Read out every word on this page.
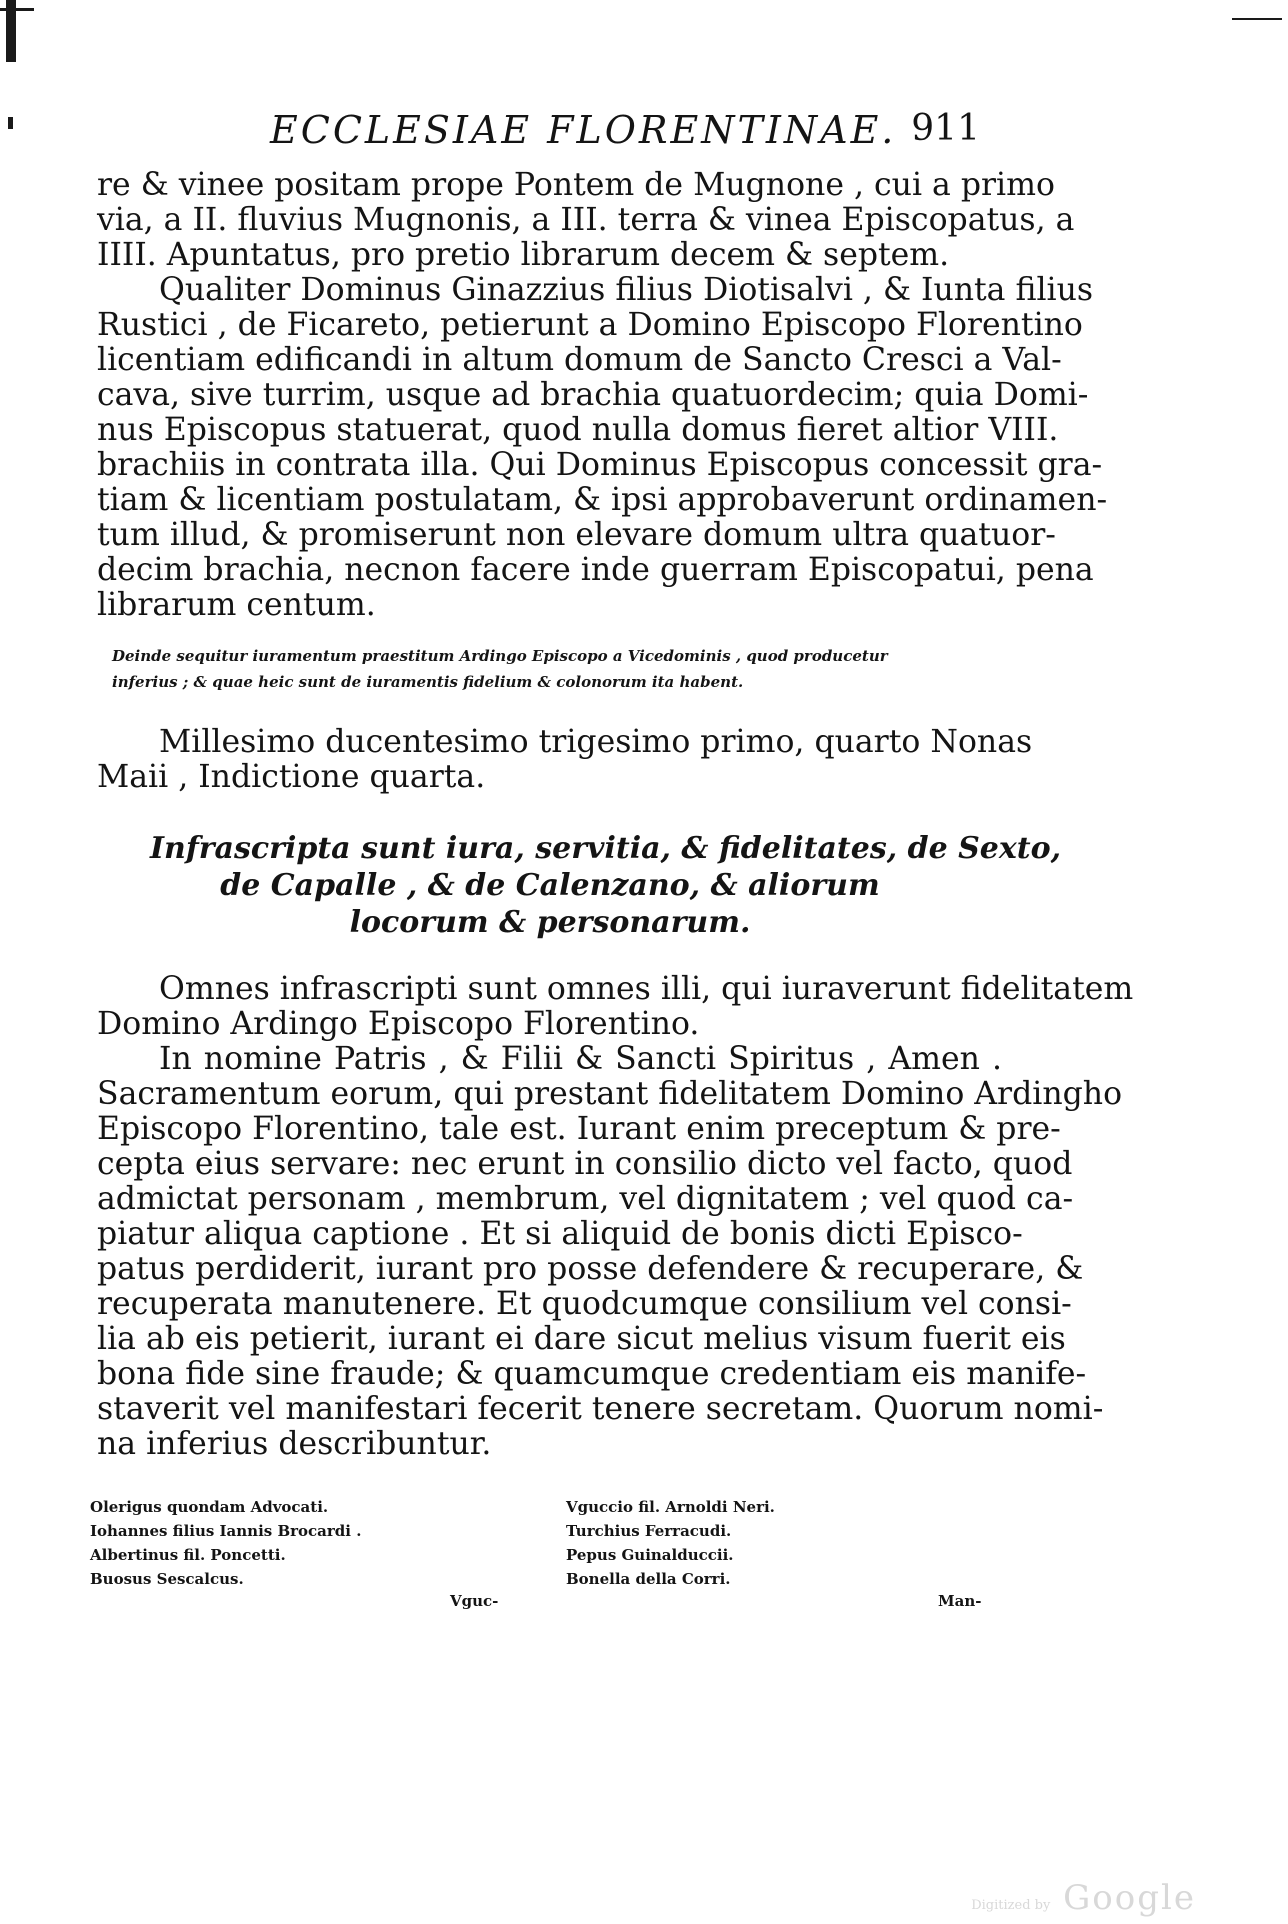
ECCLESIAE FLORENTINAE. 911
re & vinee positam prope Pontem de Mugnone , cui a primo
via, a II. fluvius Mugnonis, a III. terra & vinea Episcopatus, a
IIII. Apuntatus, pro pretio librarum decem & septem.
Qualiter Dominus Ginazzius filius Diotisalvi , & Iunta filius
Rustici , de Ficareto, petierunt a Domino Episcopo Florentino
licentiam edificandi in altum domum de Sancto Cresci a Val-
cava, sive turrim, usque ad brachia quatuordecim; quia Domi-
nus Episcopus statuerat, quod nulla domus fieret altior VIII.
brachiis in contrata illa. Qui Dominus Episcopus concessit gra-
tiam & licentiam postulatam, & ipsi approbaverunt ordinamen-
tum illud, & promiserunt non elevare domum ultra quatuor-
decim brachia, necnon facere inde guerram Episcopatui, pena
librarum centum.
Deinde sequitur iuramentum praestitum Ardingo Episcopo a Vicedominis , quod producetur
inferius ; & quae heic sunt de iuramentis fidelium & colonorum ita habent.
Millesimo ducentesimo trigesimo primo, quarto Nonas
Maii , Indictione quarta.
Infrascripta sunt iura, servitia, & fidelitates, de Sexto,
de Capalle , & de Calenzano, & aliorum
locorum & personarum.
Omnes infrascripti sunt omnes illi, qui iuraverunt fidelitatem
Domino Ardingo Episcopo Florentino.
In nomine Patris , & Filii & Sancti Spiritus , Amen .
Sacramentum eorum, qui prestant fidelitatem Domino Ardingho
Episcopo Florentino, tale est. Iurant enim preceptum & pre-
cepta eius servare: nec erunt in consilio dicto vel facto, quod
admictat personam , membrum, vel dignitatem ; vel quod ca-
piatur aliqua captione . Et si aliquid de bonis dicti Episco-
patus perdiderit, iurant pro posse defendere & recuperare, &
recuperata manutenere. Et quodcumque consilium vel consi-
lia ab eis petierit, iurant ei dare sicut melius visum fuerit eis
bona fide sine fraude; & quamcumque credentiam eis manife-
staverit vel manifestari fecerit tenere secretam. Quorum nomi-
na inferius describuntur.
Olerigus quondam Advocati.
Iohannes filius Iannis Brocardi .
Albertinus fil. Poncetti.
Buosus Sescalcus.
Vguccio fil. Arnoldi Neri.
Turchius Ferracudi.
Pepus Guinalduccii.
Bonella della Corri.
Vguc-	Man-
Digitized by Google
